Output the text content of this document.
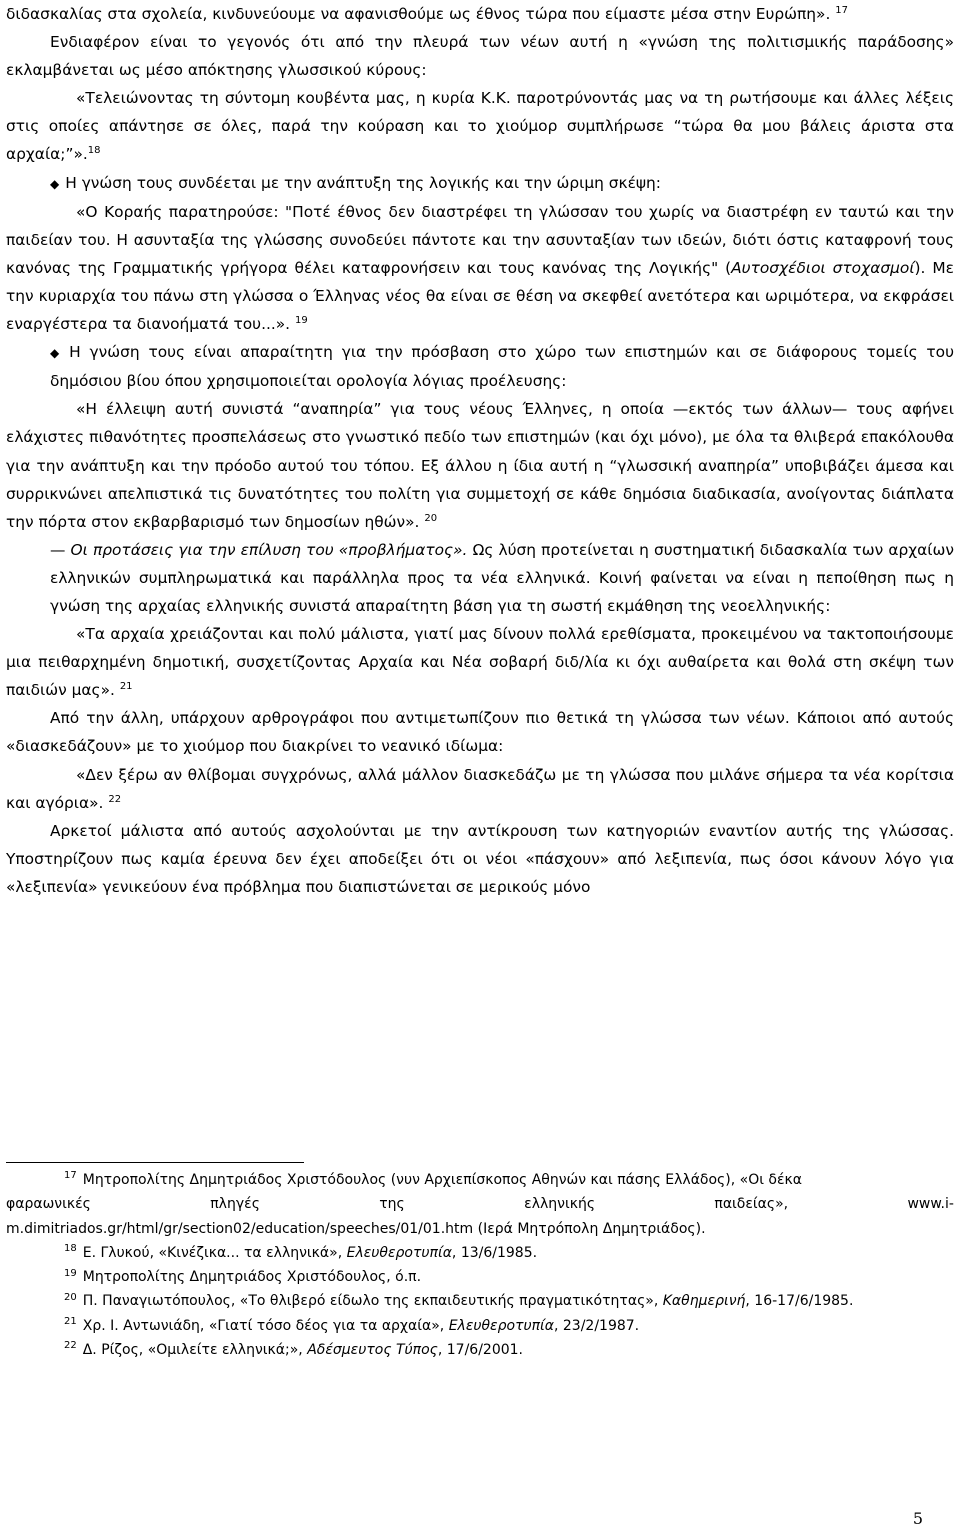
διδασκαλίας στα σχολεία, κινδυνεύουμε να αφανισθούμε ως έθνος τώρα που είμαστε μέσα στην Ευρώπη». $^{17}$

Ενδιαφέρον είναι το γεγονός ότι από την πλευρά των νέων αυτή η «γνώση της πολιτισμικής παράδοσης» εκλαμβάνεται ως μέσο απόκτησης γλωσσικού κύρους:

«Τελειώνοντας τη σύντομη κουβέντα μας, η κυρία Κ.Κ. παροτρύνοντάς μας να τη ρωτήσουμε και άλλες λέξεις στις οποίες απάντησε σε όλες, παρά την κούραση και το χιούμορ συμπλήρωσε “τώρα θα μου βάλεις άριστα στα αρχαία;”».$^{18}$

◆ Η γνώση τους συνδέεται με την ανάπτυξη της λογικής και την ώριμη σκέψη:

«Ο Κοραής παρατηρούσε: "Ποτέ έθνος δεν διαστρέφει τη γλώσσαν του χωρίς να διαστρέφη εν ταυτώ και την παιδείαν του. Η ασυνταξία της γλώσσης συνοδεύει πάντοτε και την ασυνταξίαν των ιδεών, διότι όστις καταφρονή τους κανόνας της Γραμματικής γρήγορα θέλει καταφρονήσειν και τους κανόνας της Λογικής" (Αυτοσχέδιοι στοχασμοί). Με την κυριαρχία του πάνω στη γλώσσα ο Έλληνας νέος θα είναι σε θέση να σκεφθεί ανετότερα και ωριμότερα, να εκφράσει εναργέστερα τα διανοήματά του...». $^{19}$

◆ Η γνώση τους είναι απαραίτητη για την πρόσβαση στο χώρο των επιστημών και σε διάφορους τομείς του δημόσιου βίου όπου χρησιμοποιείται ορολογία λόγιας προέλευσης:

«Η έλλειψη αυτή συνιστά “αναπηρία” για τους νέους Έλληνες, η οποία —εκτός των άλλων— τους αφήνει ελάχιστες πιθανότητες προσπελάσεως στο γνωστικό πεδίο των επιστημών (και όχι μόνο), με όλα τα θλιβερά επακόλουθα για την ανάπτυξη και την πρόοδο αυτού του τόπου. Εξ άλλου η ίδια αυτή η “γλωσσική αναπηρία” υποβιβάζει άμεσα και συρρικνώνει απελπιστικά τις δυνατότητες του πολίτη για συμμετοχή σε κάθε δημόσια διαδικασία, ανοίγοντας διάπλατα την πόρτα στον εκβαρβαρισμό των δημοσίων ηθών». $^{20}$

— Οι προτάσεις για την επίλυση του «προβλήματος». Ως λύση προτείνεται η συστηματική διδασκαλία των αρχαίων ελληνικών συμπληρωματικά και παράλληλα προς τα νέα ελληνικά. Κοινή φαίνεται να είναι η πεποίθηση πως η γνώση της αρχαίας ελληνικής συνιστά απαραίτητη βάση για τη σωστή εκμάθηση της νεοελληνικής:

«Τα αρχαία χρειάζονται και πολύ μάλιστα, γιατί μας δίνουν πολλά ερεθίσματα, προκειμένου να τακτοποιήσουμε μια πειθαρχημένη δημοτική, συσχετίζοντας Αρχαία και Νέα σοβαρή διδ/λία κι όχι αυθαίρετα και θολά στη σκέψη των παιδιών μας». $^{21}$

Από την άλλη, υπάρχουν αρθρογράφοι που αντιμετωπίζουν πιο θετικά τη γλώσσα των νέων. Κάποιοι από αυτούς «διασκεδάζουν» με το χιούμορ που διακρίνει το νεανικό ιδίωμα:

«Δεν ξέρω αν θλίβομαι συγχρόνως, αλλά μάλλον διασκεδάζω με τη γλώσσα που μιλάνε σήμερα τα νέα κορίτσια και αγόρια». $^{22}$

Αρκετοί μάλιστα από αυτούς ασχολούνται με την αντίκρουση των κατηγοριών εναντίον αυτής της γλώσσας. Υποστηρίζουν πως καμία έρευνα δεν έχει αποδείξει ότι οι νέοι «πάσχουν» από λεξιπενία, πως όσοι κάνουν λόγο για «λεξιπενία» γενικεύουν ένα πρόβλημα που διαπιστώνεται σε μερικούς μόνο

$^{17}$ Μητροπολίτης Δημητριάδος Χριστόδουλος (νυν Αρχιεπίσκοπος Αθηνών και πάσης Ελλάδος), «Οι δέκα

φαραωνικές	πληγές	της	ελληνικής	παιδείας»,	www.i-

m.dimitriados.gr/html/gr/section02/education/speeches/01/01.htm (Ιερά Μητρόπολη Δημητριάδος).

$^{18}$ Ε. Γλυκού, «Κινέζικα... τα ελληνικά», Ελευθεροτυπία, 13/6/1985.

$^{19}$ Μητροπολίτης Δημητριάδος Χριστόδουλος, ό.π.

$^{20}$ Π. Παναγιωτόπουλος, «Το θλιβερό είδωλο της εκπαιδευτικής πραγματικότητας», Καθημερινή, 16-17/6/1985.

$^{21}$ Χρ. Ι. Αντωνιάδη, «Γιατί τόσο δέος για τα αρχαία», Ελευθεροτυπία, 23/2/1987.

$^{22}$ Δ. Ρίζος, «Ομιλείτε ελληνικά;», Αδέσμευτος Τύπος, 17/6/2001.

5
